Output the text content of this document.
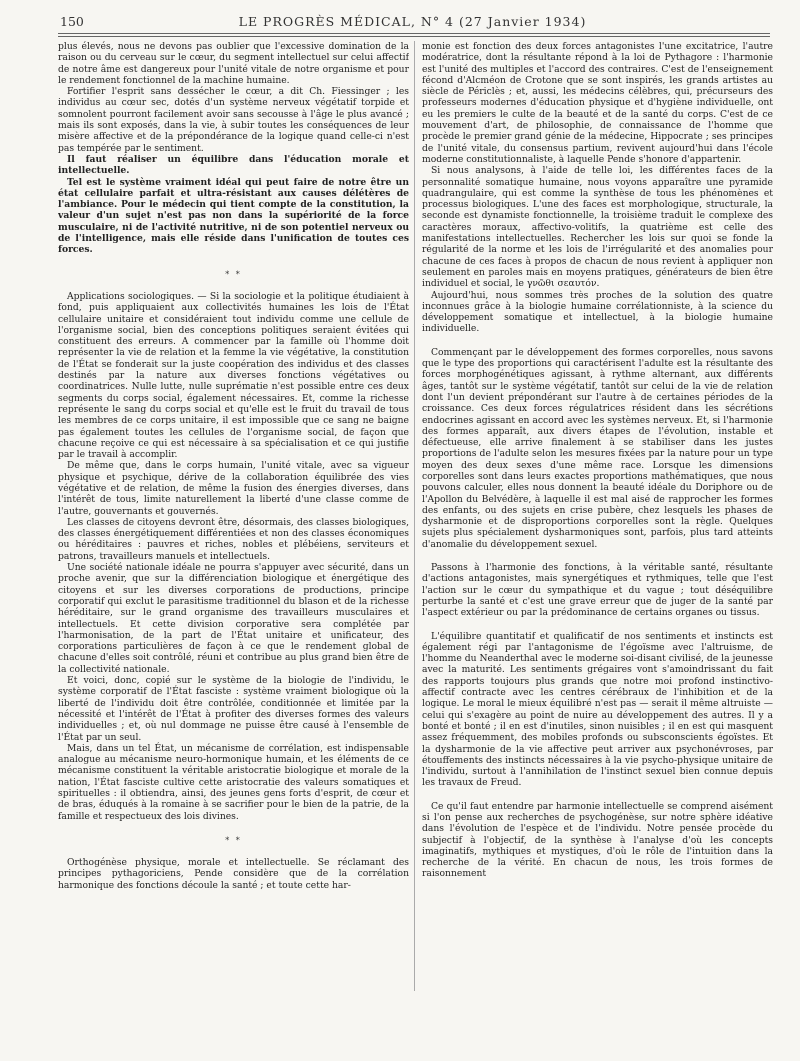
150	LE PROGRÈS MÉDICAL, N° 4 (27 Janvier 1934)

plus élevés, nous ne devons pas oublier que l'excessive domination de la raison ou du cerveau sur le cœur, du segment intellectuel sur celui affectif de notre âme est dangereux pour l'unité vitale de notre organisme et pour le rendement fonctionnel de la machine humaine.

Fortifier l'esprit sans dessécher le cœur, a dit Ch. Fiessinger ; les individus au cœur sec, dotés d'un système nerveux végétatif torpide et somnolent pourront facilement avoir sans secousse à l'âge le plus avancé ; mais ils sont exposés, dans la vie, à subir toutes les conséquences de leur misère affective et de la prépondérance de la logique quand celle-ci n'est pas tempérée par le sentiment.

Il faut réaliser un équilibre dans l'éducation morale et intellectuelle.

Tel est le système vraiment idéal qui peut faire de notre être un état cellulaire parfait et ultra-résistant aux causes délétères de l'ambiance. Pour le médecin qui tient compte de la constitution, la valeur d'un sujet n'est pas non dans la supériorité de la force musculaire, ni de l'activité nutritive, ni de son potentiel nerveux ou de l'intelligence, mais elle réside dans l'unification de toutes ces forces.

* *

Applications sociologiques. — Si la sociologie et la politique étudiaient à fond, puis appliquaient aux collectivités humaines les lois de l'État cellulaire unitaire et considéraient tout individu comme une cellule de l'organisme social, bien des conceptions politiques seraient évitées qui constituent des erreurs. A commencer par la famille où l'homme doit représenter la vie de relation et la femme la vie végétative, la constitution de l'État se fonderait sur la juste coopération des individus et des classes destinés par la nature aux diverses fonctions végétatives ou coordinatrices. Nulle lutte, nulle suprématie n'est possible entre ces deux segments du corps social, également nécessaires. Et, comme la richesse représente le sang du corps social et qu'elle est le fruit du travail de tous les membres de ce corps unitaire, il est impossible que ce sang ne baigne pas également toutes les cellules de l'organisme social, de façon que chacune reçoive ce qui est nécessaire à sa spécialisation et ce qui justifie par le travail à accomplir.

De même que, dans le corps humain, l'unité vitale, avec sa vigueur physique et psychique, dérive de la collaboration équilibrée des vies végétative et de relation, de même la fusion des énergies diverses, dans l'intérêt de tous, limite naturellement la liberté d'une classe comme de l'autre, gouvernants et gouvernés.

Les classes de citoyens devront être, désormais, des classes biologiques, des classes énergétiquement différentiées et non des classes économiques ou héréditaires : pauvres et riches, nobles et plébéiens, serviteurs et patrons, travailleurs manuels et intellectuels.

Une société nationale idéale ne pourra s'appuyer avec sécurité, dans un proche avenir, que sur la différenciation biologique et énergétique des citoyens et sur les diverses corporations de productions, principe corporatif qui exclut le parasitisme traditionnel du blason et de la richesse héréditaire, sur le grand organisme des travailleurs musculaires et intellectuels. Et cette division corporative sera complétée par l'harmonisation, de la part de l'État unitaire et unificateur, des corporations particulières de façon à ce que le rendement global de chacune d'elles soit contrôlé, réuni et contribue au plus grand bien être de la collectivité nationale.

Et voici, donc, copié sur le système de la biologie de l'individu, le système corporatif de l'État fasciste : système vraiment biologique où la liberté de l'individu doit être contrôlée, conditionnée et limitée par la nécessité et l'intérêt de l'État à profiter des diverses formes des valeurs individuelles ; et, où nul dommage ne puisse être causé à l'ensemble de l'État par un seul.

Mais, dans un tel État, un mécanisme de corrélation, est indispensable analogue au mécanisme neuro-hormonique humain, et les éléments de ce mécanisme constituent la véritable aristocratie biologique et morale de la nation, l'État fasciste cultive cette aristocratie des valeurs somatiques et spirituelles : il obtiendra, ainsi, des jeunes gens forts d'esprit, de cœur et de bras, éduqués à la romaine à se sacrifier pour le bien de la patrie, de la famille et respectueux des lois divines.

* *

Orthogénèse physique, morale et intellectuelle. Se réclamant des principes pythagoriciens, Pende considère que de la corrélation harmonique des fonctions découle la santé ; et toute cette har-

monie est fonction des deux forces antagonistes l'une excitatrice, l'autre modératrice, dont la résultante répond à la loi de Pythagore : l'harmonie est l'unité des multiples et l'accord des contraires. C'est de l'enseignement fécond d'Alcméon de Crotone que se sont inspirés, les grands artistes au siècle de Périclès ; et, aussi, les médecins célèbres, qui, précurseurs des professeurs modernes d'éducation physique et d'hygiène individuelle, ont eu les premiers le culte de la beauté et de la santé du corps. C'est de ce mouvement d'art, de philosophie, de connaissance de l'homme que procède le premier grand génie de la médecine, Hippocrate ; ses principes de l'unité vitale, du consensus partium, revivent aujourd'hui dans l'école moderne constitutionnaliste, à laquelle Pende s'honore d'appartenir.

Si nous analysons, à l'aide de telle loi, les différentes faces de la personnalité somatique humaine, nous voyons apparaître une pyramide quadrangulaire, qui est comme la synthèse de tous les phénomènes et processus biologiques. L'une des faces est morphologique, structurale, la seconde est dynamiste fonctionnelle, la troisième traduit le complexe des caractères moraux, affectivo-volitifs, la quatrième est celle des manifestations intellectuelles. Rechercher les lois sur quoi se fonde la régularité de la norme et les lois de l'irrégularité et des anomalies pour chacune de ces faces à propos de chacun de nous revient à appliquer non seulement en paroles mais en moyens pratiques, générateurs de bien être individuel et social, le γνῶθι σεαυτόν.

Aujourd'hui, nous sommes très proches de la solution des quatre inconnues grâce à la biologie humaine corrélationniste, à la science du développement somatique et intellectuel, à la biologie humaine individuelle.

Commençant par le développement des formes corporelles, nous savons que le type des proportions qui caractérisent l'adulte est la résultante des forces morphogénétiques agissant, à rythme alternant, aux différents âges, tantôt sur le système végétatif, tantôt sur celui de la vie de relation dont l'un devient prépondérant sur l'autre à de certaines périodes de la croissance. Ces deux forces régulatrices résident dans les sécrétions endocrines agissant en accord avec les systèmes nerveux. Et, si l'harmonie des formes apparaît, aux divers étapes de l'évolution, instable et défectueuse, elle arrive finalement à se stabiliser dans les justes proportions de l'adulte selon les mesures fixées par la nature pour un type moyen des deux sexes d'une même race. Lorsque les dimensions corporelles sont dans leurs exactes proportions mathématiques, que nous pouvons calculer, elles nous donnent la beauté idéale du Doriphore ou de l'Apollon du Belvédère, à laquelle il est mal aisé de rapprocher les formes des enfants, ou des sujets en crise pubère, chez lesquels les phases de dysharmonie et de disproportions corporelles sont la règle. Quelques sujets plus spécialement dysharmoniques sont, parfois, plus tard atteints d'anomalie du développement sexuel.

Passons à l'harmonie des fonctions, à la véritable santé, résultante d'actions antagonistes, mais synergétiques et rythmiques, telle que l'est l'action sur le cœur du sympathique et du vague ; tout déséquilibre perturbe la santé et c'est une grave erreur que de juger de la santé par l'aspect extérieur ou par la prédominance de certains organes ou tissus.

L'équilibre quantitatif et qualificatif de nos sentiments et instincts est également régi par l'antagonisme de l'égoïsme avec l'altruisme, de l'homme du Neanderthal avec le moderne soi-disant civilisé, de la jeunesse avec la maturité. Les sentiments grégaires vont s'amoindrissant du fait des rapports toujours plus grands que notre moi profond instinctivo-affectif contracte avec les centres cérébraux de l'inhibition et de la logique. Le moral le mieux équilibré n'est pas — serait il même altruiste — celui qui s'exagère au point de nuire au développement des autres. Il y a bonté et bonté ; il en est d'inutiles, sinon nuisibles ; il en est qui masquent assez fréquemment, des mobiles profonds ou subsconscients égoïstes. Et la dysharmonie de la vie affective peut arriver aux psychonévroses, par étouffements des instincts nécessaires à la vie psycho-physique unitaire de l'individu, surtout à l'annihilation de l'instinct sexuel bien connue depuis les travaux de Freud.

Ce qu'il faut entendre par harmonie intellectuelle se comprend aisément si l'on pense aux recherches de psychogénèse, sur notre sphère idéative dans l'évolution de l'espèce et de l'individu. Notre pensée procède du subjectif à l'objectif, de la synthèse à l'analyse d'où les concepts imaginatifs, mythiques et mystiques, d'où le rôle de l'intuition dans la recherche de la vérité. En chacun de nous, les trois formes de raisonnement
